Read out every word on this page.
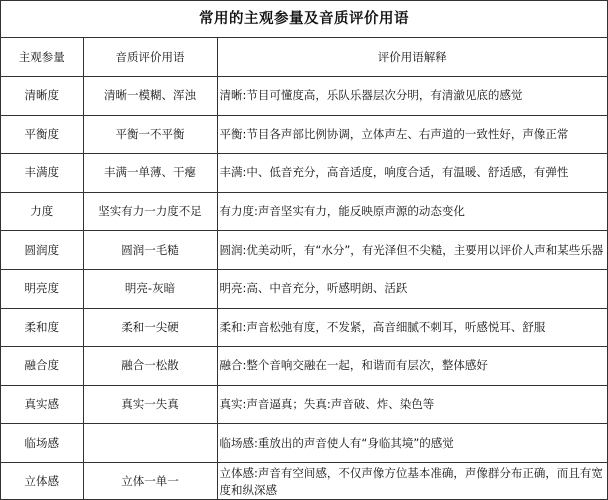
常用的主观参量及音质评价用语
主观参量	音质评价用语	评价用语解释
清晰度	清晰一模糊、浑浊	清晰:节目可懂度高，乐队乐器层次分明，有清澈见底的感觉
平衡度	平衡一不平衡	平衡:节目各声部比例协调，立体声左、右声道的一致性好，声像正常
丰满度	丰满一单薄、干瘪	丰满:中、低音充分，高音适度，响度合适，有温暖、舒适感，有弹性
力度	坚实有力一力度不足	有力度:声音坚实有力，能反映原声源的动态变化
圆润度	圆润一毛糙	圆润:优美动听，有“水分”，有光泽但不尖糙，主要用以评价人声和某些乐器
明亮度	明亮-灰暗	明亮:高、中音充分，听感明朗、活跃
柔和度	柔和一尖硬	柔和:声音松弛有度，不发紧，高音细腻不刺耳，听感悦耳、舒服
融合度	融合一松散	融合:整个音响交融在一起，和谐而有层次，整体感好
真实感	真实一失真	真实:声音逼真；失真:声音破、炸、染色等
临场感		临场感:重放出的声音使人有“身临其境”的感觉
立体感	立体一单一	立体感:声音有空间感，不仅声像方位基本准确，声像群分布正确，而且有宽度和纵深感
